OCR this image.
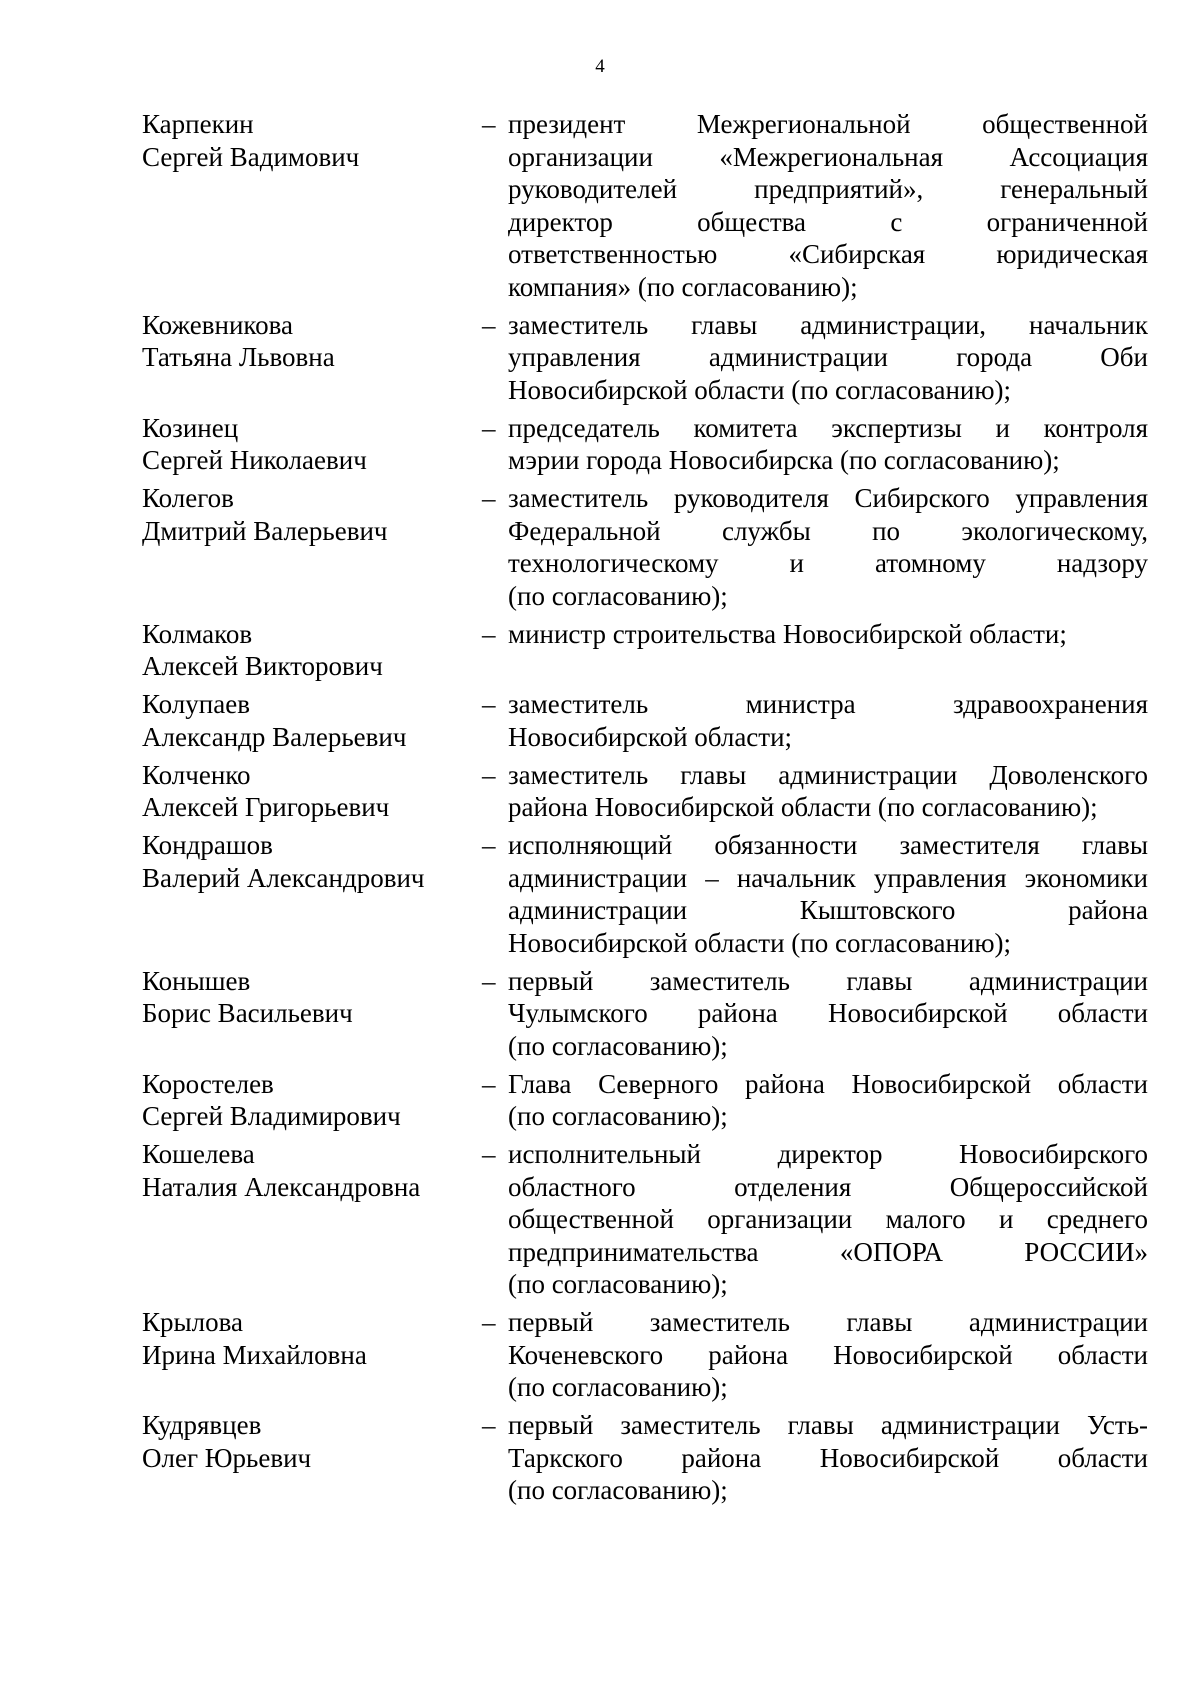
4
Карпекин
Сергей Вадимович
– президент Межрегиональной общественной
организации «Межрегиональная Ассоциация
руководителей предприятий», генеральный
директор общества с ограниченной
ответственностью «Сибирская юридическая
компания» (по согласованию);
Кожевникова
Татьяна Львовна
– заместитель главы администрации, начальник
управления администрации города Оби
Новосибирской области (по согласованию);
Козинец
Сергей Николаевич
– председатель комитета экспертизы и контроля
мэрии города Новосибирска (по согласованию);
Колегов
Дмитрий Валерьевич
– заместитель руководителя Сибирского управления
Федеральной службы по экологическому,
технологическому и атомному надзору
(по согласованию);
Колмаков
Алексей Викторович
– министр строительства Новосибирской области;
Колупаев
Александр Валерьевич
– заместитель министра здравоохранения
Новосибирской области;
Колченко
Алексей Григорьевич
– заместитель главы администрации Доволенского
района Новосибирской области (по согласованию);
Кондрашов
Валерий Александрович
– исполняющий обязанности заместителя главы
администрации – начальник управления экономики
администрации Кыштовского района
Новосибирской области (по согласованию);
Конышев
Борис Васильевич
– первый заместитель главы администрации
Чулымского района Новосибирской области
(по согласованию);
Коростелев
Сергей Владимирович
– Глава Северного района Новосибирской области
(по согласованию);
Кошелева
Наталия Александровна
– исполнительный директор Новосибирского
областного отделения Общероссийской
общественной организации малого и среднего
предпринимательства «ОПОРА РОССИИ»
(по согласованию);
Крылова
Ирина Михайловна
– первый заместитель главы администрации
Коченевского района Новосибирской области
(по согласованию);
Кудрявцев
Олег Юрьевич
– первый заместитель главы администрации Усть-
Таркского района Новосибирской области
(по согласованию);
